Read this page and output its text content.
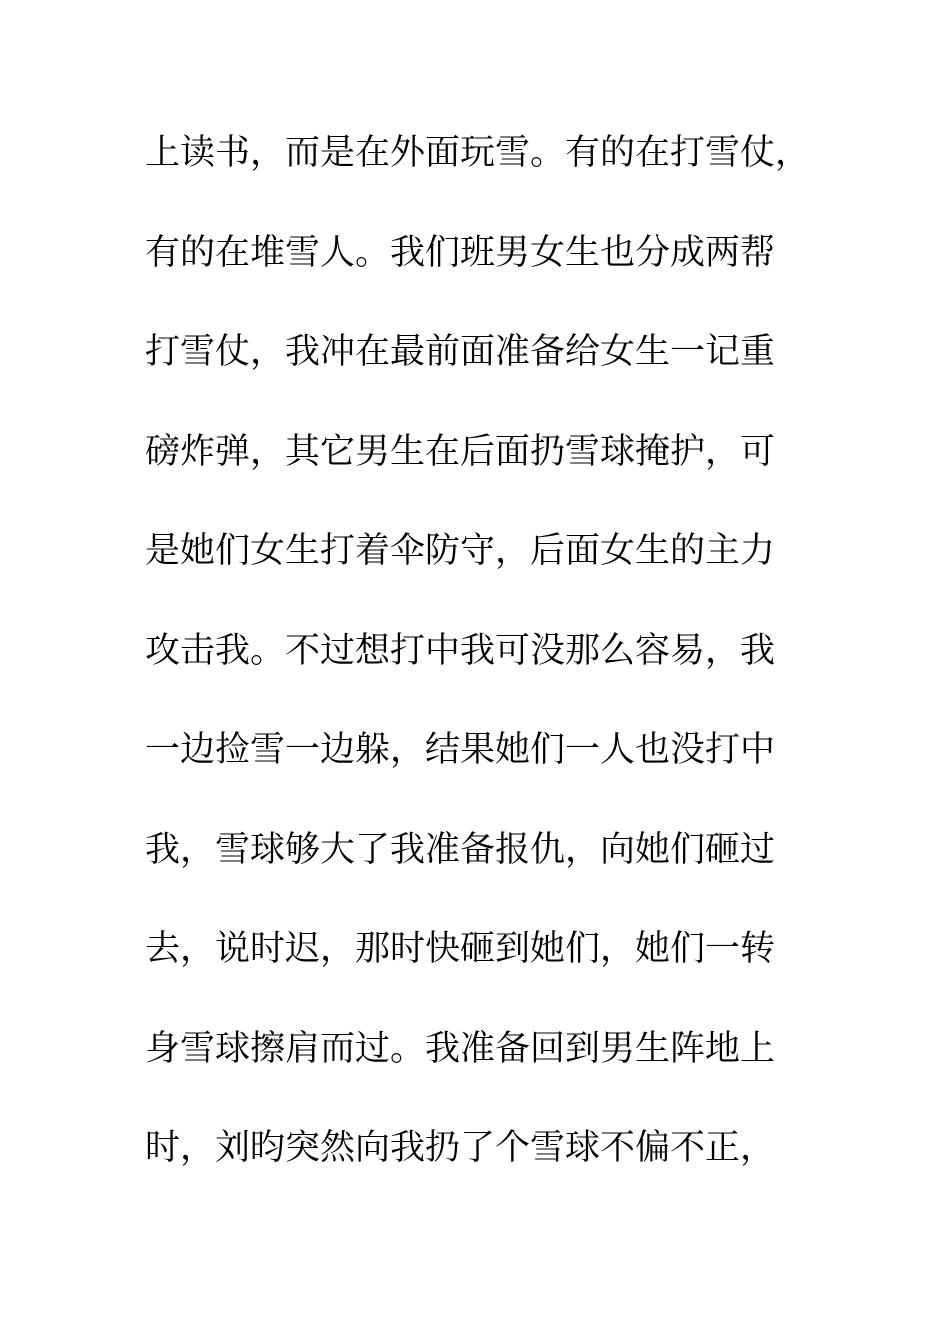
上读书，而是在外面玩雪。有的在打雪仗，
有的在堆雪人。我们班男女生也分成两帮
打雪仗，我冲在最前面准备给女生一记重
磅炸弹，其它男生在后面扔雪球掩护，可
是她们女生打着伞防守，后面女生的主力
攻击我。不过想打中我可没那么容易，我
一边捡雪一边躲，结果她们一人也没打中
我，雪球够大了我准备报仇，向她们砸过
去，说时迟，那时快砸到她们，她们一转
身雪球擦肩而过。我准备回到男生阵地上
时，刘昀突然向我扔了个雪球不偏不正，
